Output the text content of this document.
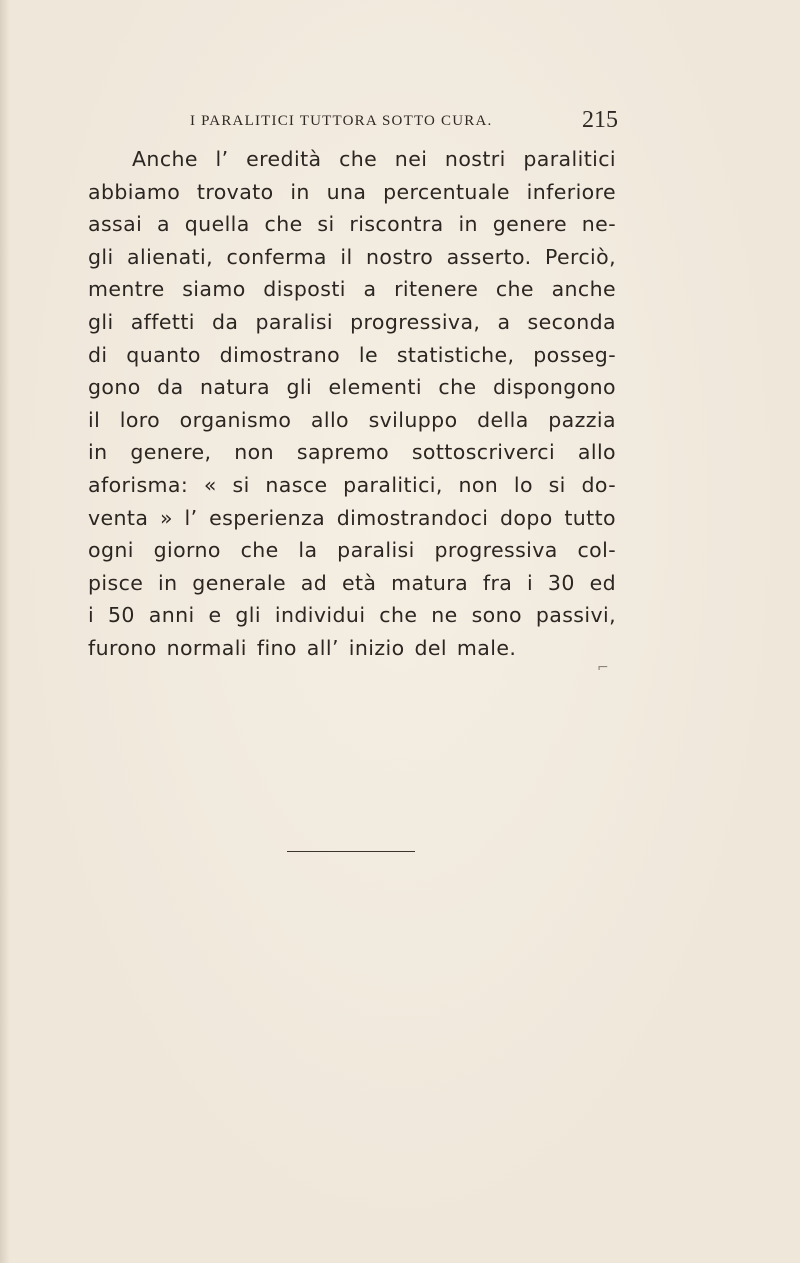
I PARALITICI TUTTORA SOTTO CURA.	215
Anche l’ eredità che nei nostri paralitici
abbiamo trovato in una percentuale inferiore
assai a quella che si riscontra in genere ne-
gli alienati, conferma il nostro asserto. Perciò,
mentre siamo disposti a ritenere che anche
gli affetti da paralisi progressiva, a seconda
di quanto dimostrano le statistiche, posseg-
gono da natura gli elementi che dispongono
il loro organismo allo sviluppo della pazzia
in genere, non sapremo sottoscriverci allo
aforisma: « si nasce paralitici, non lo si do-
venta » l’ esperienza dimostrandoci dopo tutto
ogni giorno che la paralisi progressiva col-
pisce in generale ad età matura fra i 30 ed
i 50 anni e gli individui che ne sono passivi,
furono normali fino all’ inizio del male.
⌐
